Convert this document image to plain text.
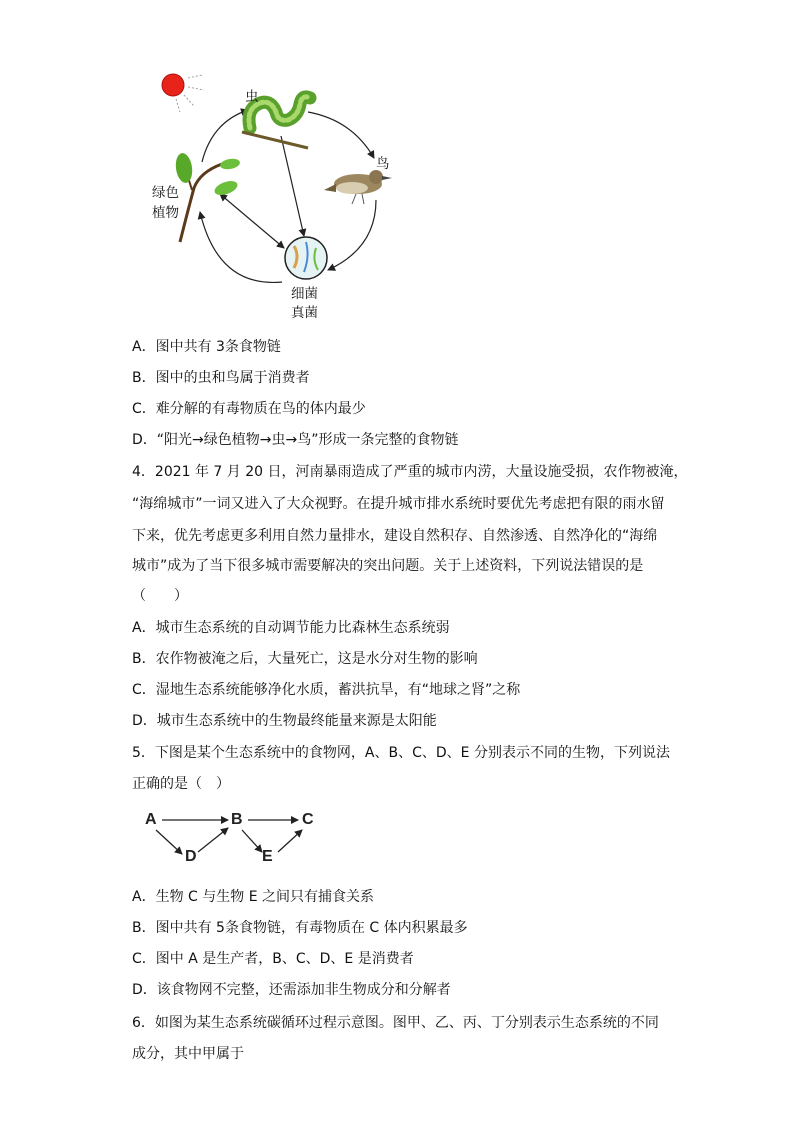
虫
鸟
绿色
植物
细菌
真菌
A．图中共有 3条食物链
B．图中的虫和鸟属于消费者
C．难分解的有毒物质在鸟的体内最少
D．“阳光→绿色植物→虫→鸟”形成一条完整的食物链
4．2021 年 7 月 20 日，河南暴雨造成了严重的城市内涝，大量设施受损，农作物被淹，
“海绵城市”一词又进入了大众视野。在提升城市排水系统时要优先考虑把有限的雨水留
下来，优先考虑更多利用自然力量排水，建设自然积存、自然渗透、自然净化的“海绵
城市”成为了当下很多城市需要解决的突出问题。关于上述资料，下列说法错误的是
（　　）
A．城市生态系统的自动调节能力比森林生态系统弱
B．农作物被淹之后，大量死亡，这是水分对生物的影响
C．湿地生态系统能够净化水质，蓄洪抗旱，有“地球之肾”之称
D．城市生态系统中的生物最终能量来源是太阳能
5．下图是某个生态系统中的食物网，A、B、C、D、E 分别表示不同的生物，下列说法
正确的是（　）
A	B	C
D	E
A．生物 C 与生物 E 之间只有捕食关系
B．图中共有 5条食物链，有毒物质在 C 体内积累最多
C．图中 A 是生产者，B、C、D、E 是消费者
D．该食物网不完整，还需添加非生物成分和分解者
6．如图为某生态系统碳循环过程示意图。图甲、乙、丙、丁分别表示生态系统的不同
成分，其中甲属于
